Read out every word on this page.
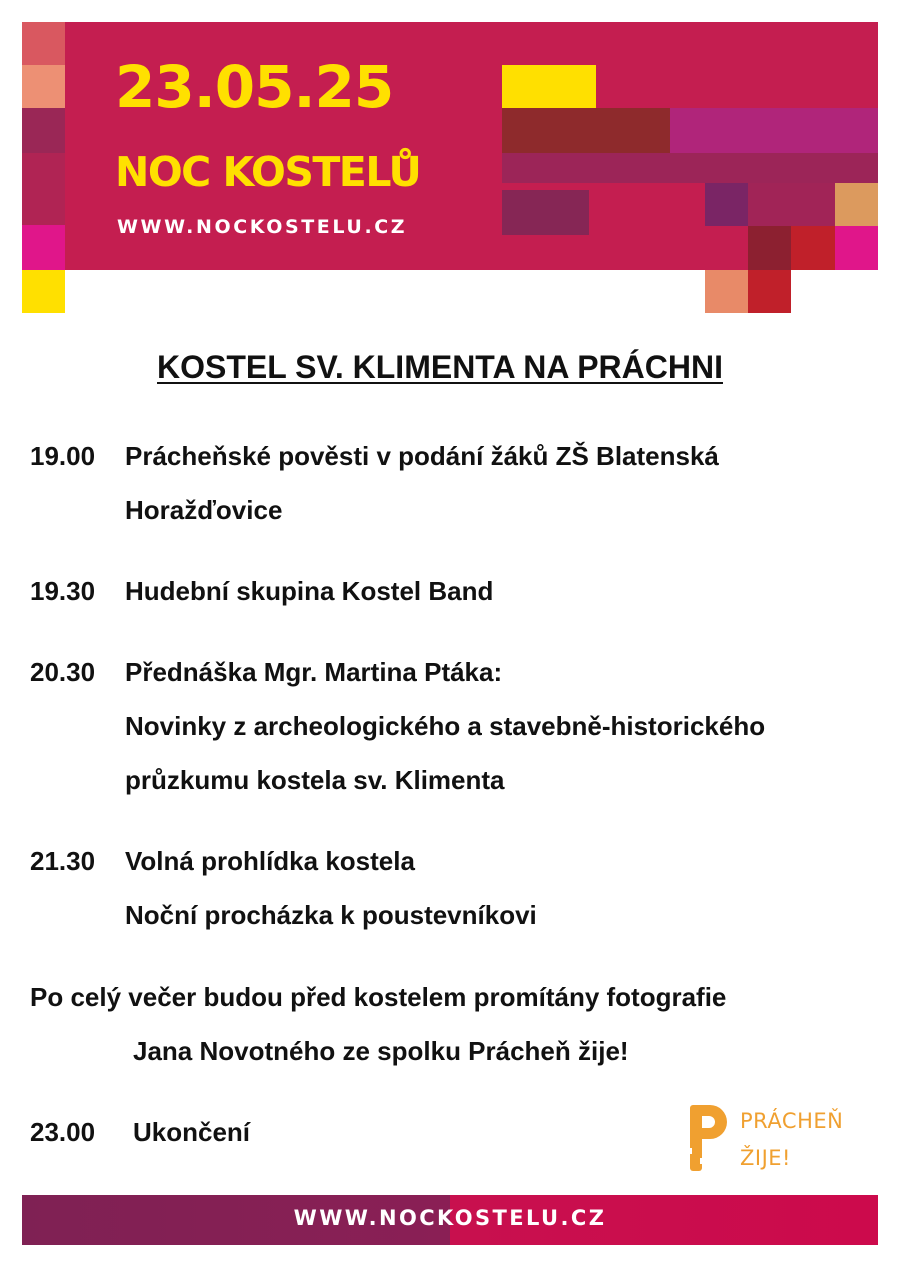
23.05.25

NOC KOSTELŮ

WWW.NOCKOSTELU.CZ

KOSTEL SV. KLIMENTA NA PRÁCHNI
19.00 Prácheňské pověsti v podání žáků ZŠ Blatenská
Horažďovice
19.30 Hudební skupina Kostel Band
20.30 Přednáška Mgr. Martina Ptáka:
Novinky z archeologického a stavebně-historického
průzkumu kostela sv. Klimenta
21.30 Volná prohlídka kostela
Noční procházka k poustevníkovi
Po celý večer budou před kostelem promítány fotografie
Jana Novotného ze spolku Prácheň žije!
23.00 Ukončení	PRÁCHEŇ

ŽIJE!

WWW.NOCKOSTELU.CZ
